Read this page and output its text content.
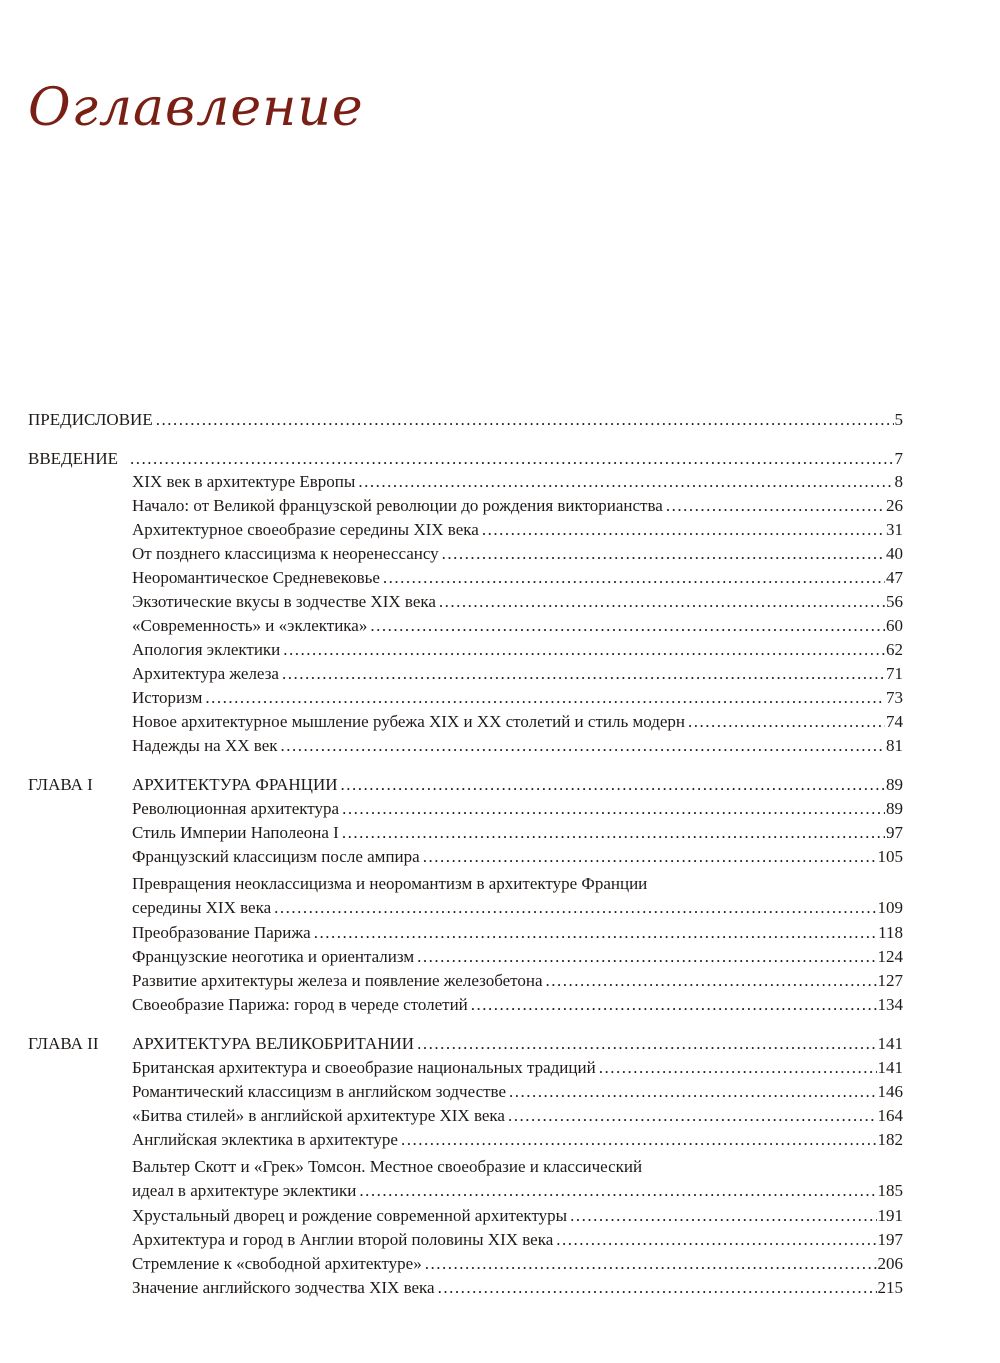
Оглавление
ПРЕДИСЛОВИЕ .....	5
ВВЕДЕНИЕ .....	7
XIX век в архитектуре Европы .....	8
Начало: от Великой французской революции до рождения викторианства .....	26
Архитектурное своеобразие середины XIX века .....	31
От позднего классицизма к неоренессансу .....	40
Неоромантическое Средневековье .....	47
Экзотические вкусы в зодчестве XIX века .....	56
«Современность» и «эклектика» .....	60
Апология эклектики .....	62
Архитектура железа .....	71
Историзм .....	73
Новое архитектурное мышление рубежа XIX и XX столетий и стиль модерн .....	74
Надежды на XX век .....	81
ГЛАВА I АРХИТЕКТУРА ФРАНЦИИ .....	89
Революционная архитектура .....	89
Стиль Империи Наполеона I .....	97
Французский классицизм после ампира .....	105
Превращения неоклассицизма и неоромантизм в архитектуре Франции
середины XIX века .....	109
Преобразование Парижа .....	118
Французские неоготика и ориентализм .....	124
Развитие архитектуры железа и появление железобетона .....	127
Своеобразие Парижа: город в череде столетий .....	134
ГЛАВА II АРХИТЕКТУРА ВЕЛИКОБРИТАНИИ .....	141
Британская архитектура и своеобразие национальных традиций .....	141
Романтический классицизм в английском зодчестве .....	146
«Битва стилей» в английской архитектуре XIX века .....	164
Английская эклектика в архитектуре .....	182
Вальтер Скотт и «Грек» Томсон. Местное своеобразие и классический
идеал в архитектуре эклектики .....	185
Хрустальный дворец и рождение современной архитектуры .....	191
Архитектура и город в Англии второй половины XIX века .....	197
Стремление к «свободной архитектуре» .....	206
Значение английского зодчества XIX века .....	215
